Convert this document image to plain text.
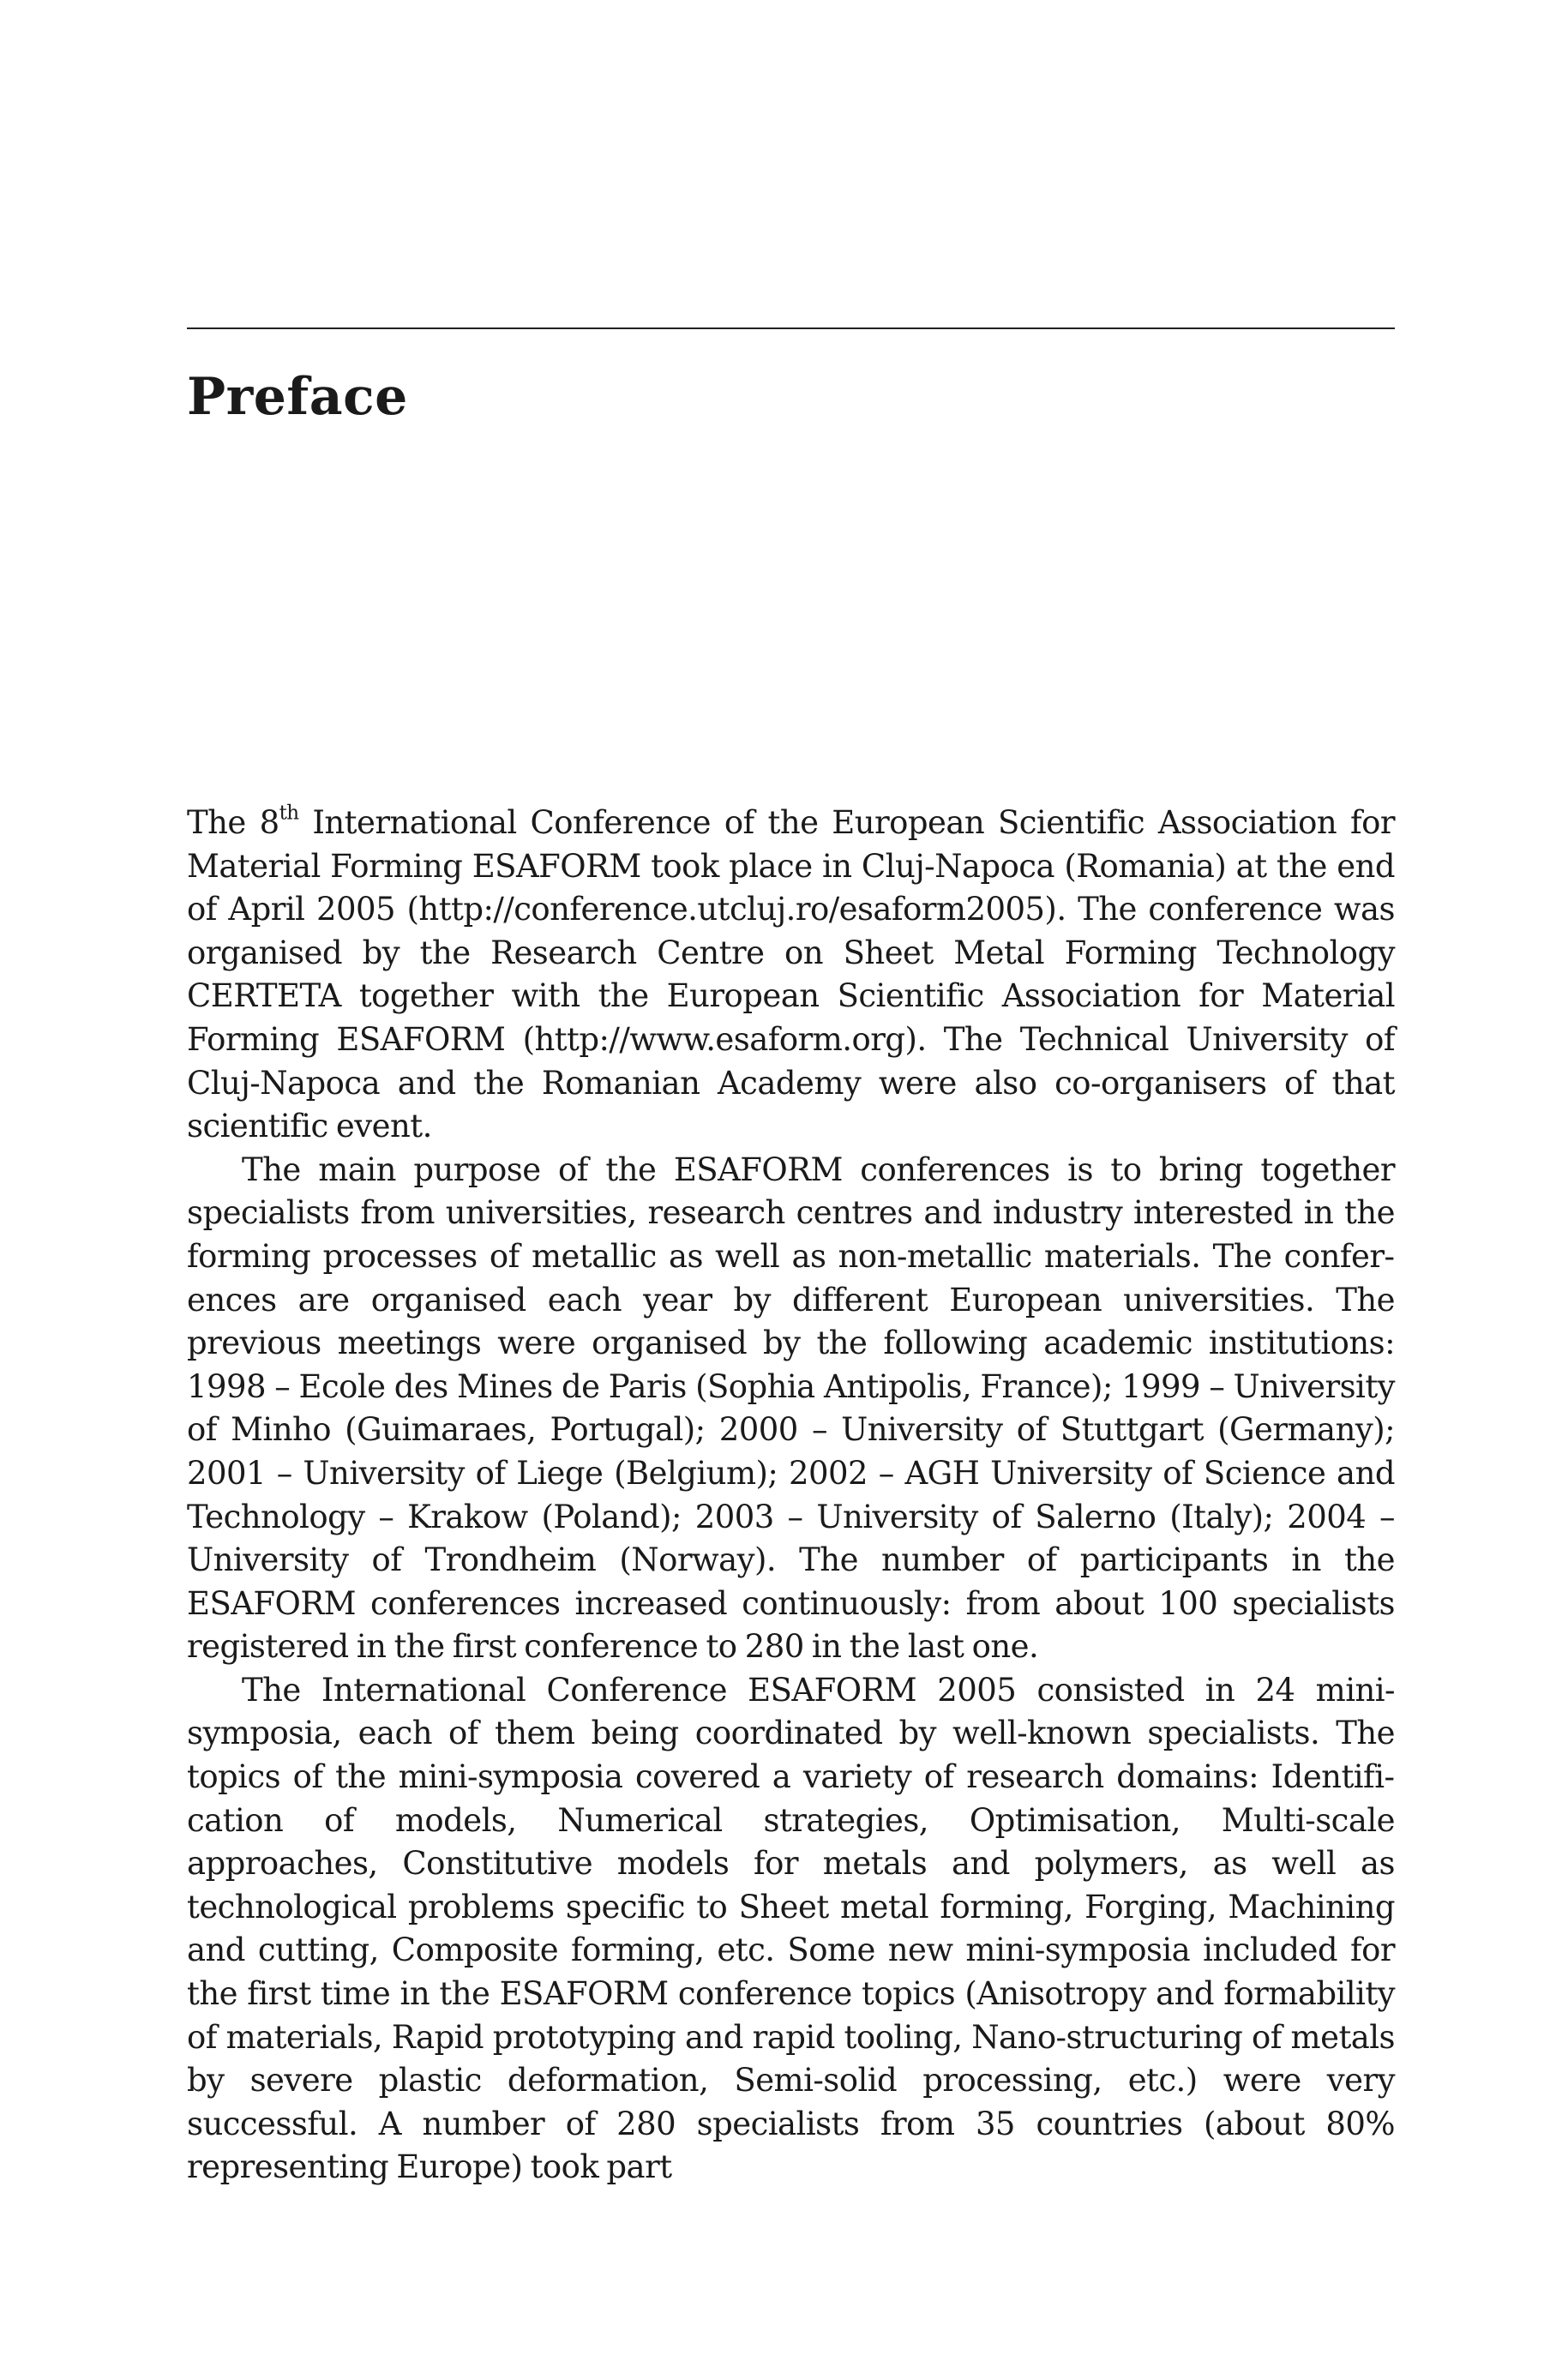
Preface

The 8th International Conference of the European Scientific Association for Material Forming ESAFORM took place in Cluj-Napoca (Romania) at the end of April 2005 (http://conference.utcluj.ro/esaform2005). The conference was organised by the Research Centre on Sheet Metal Forming Technology CERTETA together with the European Scientific Association for Material Forming ESAFORM (http://www.esaform.org). The Technical University of Cluj-Napoca and the Romanian Academy were also co-organisers of that scientific event.

The main purpose of the ESAFORM conferences is to bring together specialists from universities, research centres and industry interested in the forming processes of metallic as well as non-metallic materials. The conferences are organised each year by different European universities. The previous meetings were organised by the following academic institutions: 1998 – Ecole des Mines de Paris (Sophia Antipolis, France); 1999 – University of Minho (Guimaraes, Portugal); 2000 – University of Stuttgart (Germany); 2001 – University of Liege (Belgium); 2002 – AGH University of Science and Technology – Krakow (Poland); 2003 – University of Salerno (Italy); 2004 – University of Trondheim (Norway). The number of participants in the ESAFORM conferences increased continuously: from about 100 specialists registered in the first conference to 280 in the last one.

The International Conference ESAFORM 2005 consisted in 24 mini-symposia, each of them being coordinated by well-known specialists. The topics of the mini-symposia covered a variety of research domains: Identification of models, Numerical strategies, Optimisation, Multi-scale approaches, Constitutive models for metals and polymers, as well as technological problems specific to Sheet metal forming, Forging, Machining and cutting, Composite forming, etc. Some new mini-symposia included for the first time in the ESAFORM conference topics (Anisotropy and formability of materials, Rapid prototyping and rapid tooling, Nano-structuring of metals by severe plastic deformation, Semi-solid processing, etc.) were very successful. A number of 280 specialists from 35 countries (about 80% representing Europe) took part
